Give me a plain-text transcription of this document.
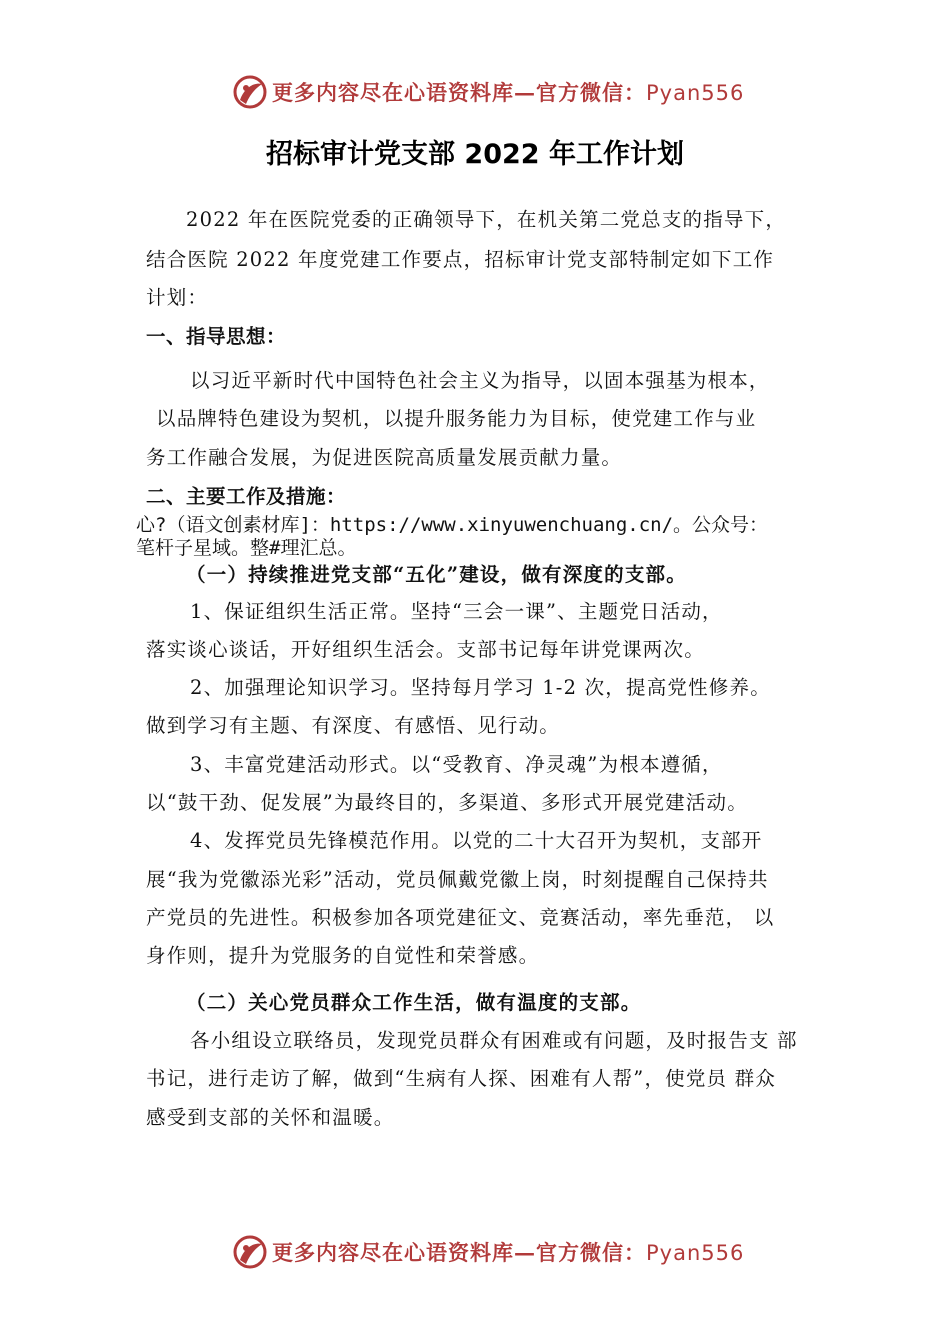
更多内容尽在心语资料库—官方微信：Pyan556
招标审计党支部 2022 年工作计划
2022 年在医院党委的正确领导下，在机关第二党总支的指导下，
结合医院 2022 年度党建工作要点，招标审计党支部特制定如下工作
计划：
一、指导思想：
以习近平新时代中国特色社会主义为指导，以固本强基为根本，
以品牌特色建设为契机，以提升服务能力为目标，使党建工作与业
务工作融合发展，为促进医院高质量发展贡献力量。
二、主要工作及措施：
心?（语文创素材库]：https://www.xinyuwenchuang.cn/。公众号：
笔杆子星域。整#理汇总。
（一）持续推进党支部“五化”建设，做有深度的支部。
1、保证组织生活正常。坚持“三会一课”、主题党日活动，
落实谈心谈话，开好组织生活会。支部书记每年讲党课两次。
2、加强理论知识学习。坚持每月学习 1-2 次，提高党性修养。
做到学习有主题、有深度、有感悟、见行动。
3、丰富党建活动形式。以“受教育、净灵魂”为根本遵循，
以“鼓干劲、促发展”为最终目的，多渠道、多形式开展党建活动。
4、发挥党员先锋模范作用。以党的二十大召开为契机，支部开
展“我为党徽添光彩”活动，党员佩戴党徽上岗，时刻提醒自己保持共
产党员的先进性。积极参加各项党建征文、竞赛活动，率先垂范， 以
身作则，提升为党服务的自觉性和荣誉感。
（二）关心党员群众工作生活，做有温度的支部。
各小组设立联络员，发现党员群众有困难或有问题，及时报告支 部
书记，进行走访了解，做到“生病有人探、困难有人帮”，使党员 群众
感受到支部的关怀和温暖。
更多内容尽在心语资料库—官方微信：Pyan556
